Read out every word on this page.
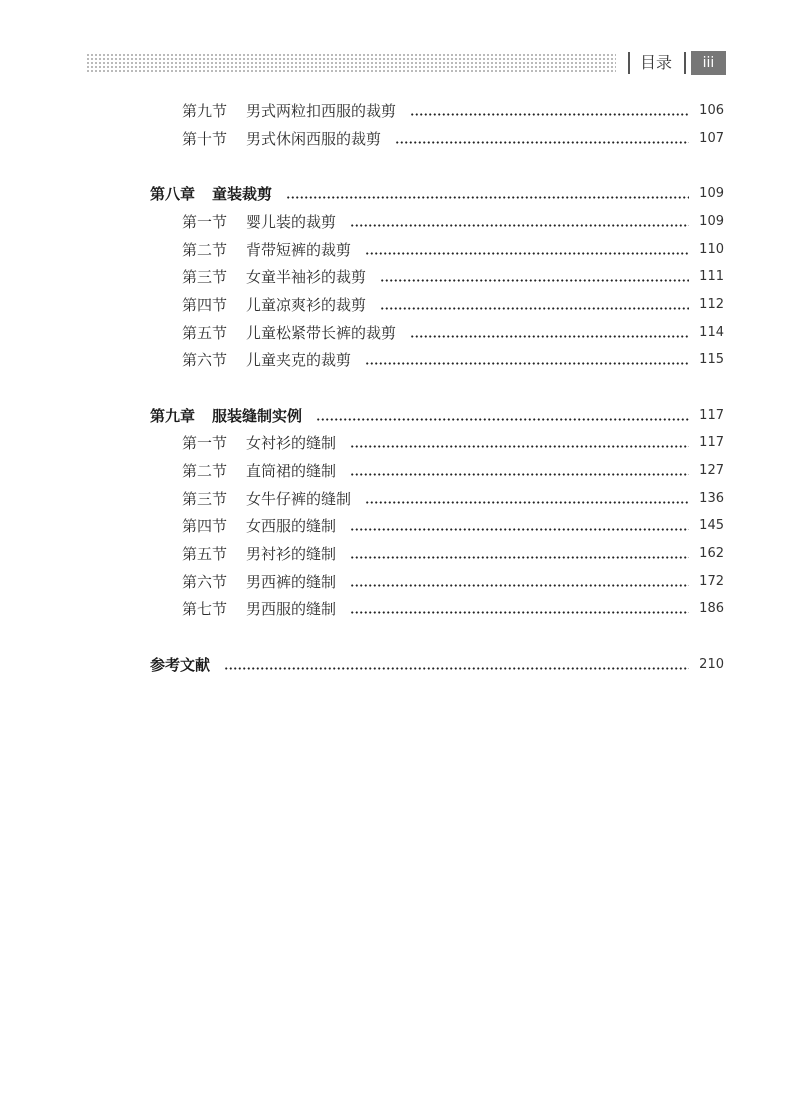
目录	iii
第九节 男式两粒扣西服的裁剪	106
第十节 男式休闲西服的裁剪	107
第八章 童装裁剪	109
第一节 婴儿装的裁剪	109
第二节 背带短裤的裁剪	110
第三节 女童半袖衫的裁剪	111
第四节 儿童凉爽衫的裁剪	112
第五节 儿童松紧带长裤的裁剪	114
第六节 儿童夹克的裁剪	115
第九章 服装缝制实例	117
第一节 女衬衫的缝制	117
第二节 直筒裙的缝制	127
第三节 女牛仔裤的缝制	136
第四节 女西服的缝制	145
第五节 男衬衫的缝制	162
第六节 男西裤的缝制	172
第七节 男西服的缝制	186
参考文献	210
